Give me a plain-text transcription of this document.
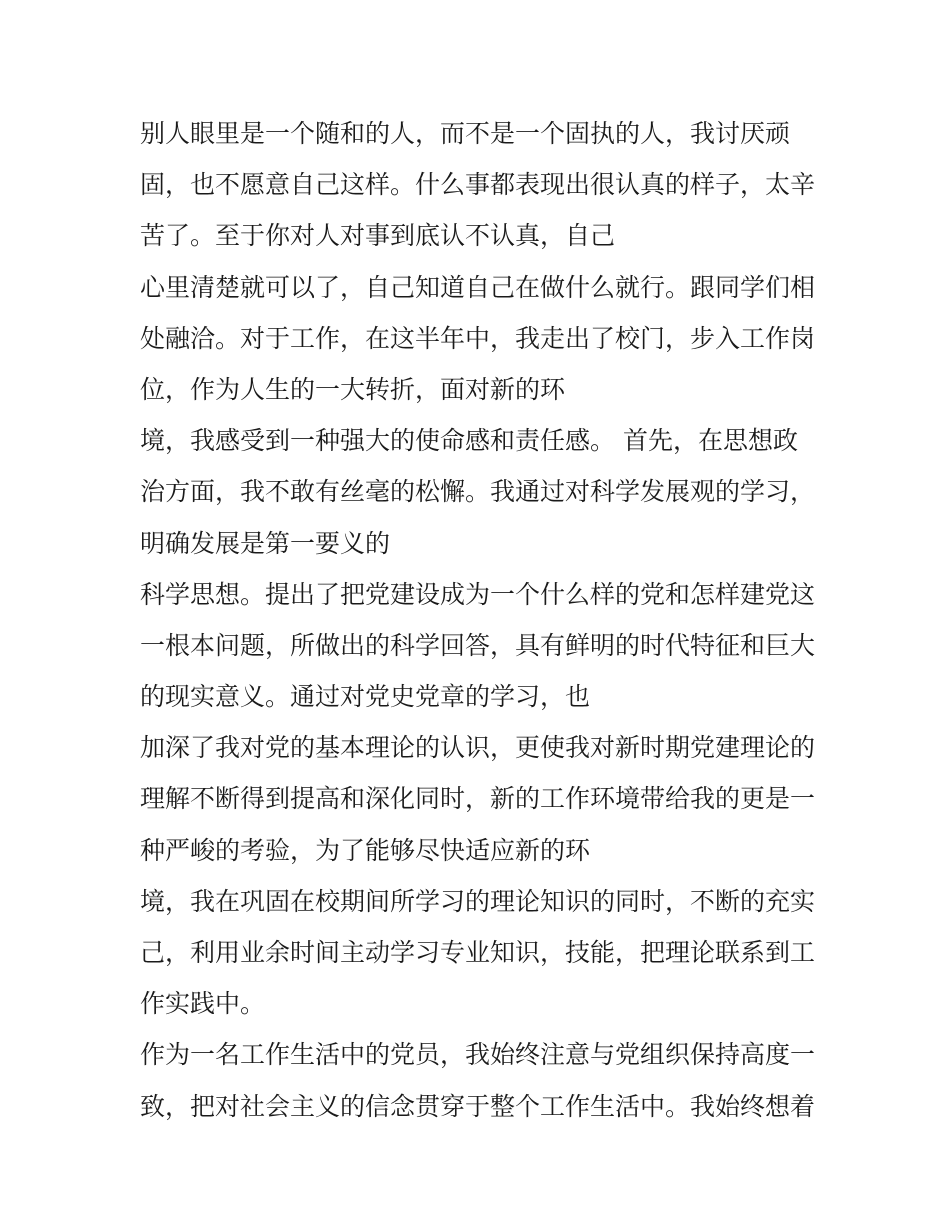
别人眼里是一个随和的人，而不是一个固执的人，我讨厌顽
固，也不愿意自己这样。什么事都表现出很认真的样子，太辛
苦了。至于你对人对事到底认不认真，自己
心里清楚就可以了，自己知道自己在做什么就行。跟同学们相
处融洽。对于工作，在这半年中，我走出了校门，步入工作岗
位，作为人生的一大转折，面对新的环
境，我感受到一种强大的使命感和责任感。 首先，在思想政
治方面，我不敢有丝毫的松懈。我通过对科学发展观的学习，
明确发展是第一要义的
科学思想。提出了把党建设成为一个什么样的党和怎样建党这
一根本问题，所做出的科学回答，具有鲜明的时代特征和巨大
的现实意义。通过对党史党章的学习，也
加深了我对党的基本理论的认识，更使我对新时期党建理论的
理解不断得到提高和深化同时，新的工作环境带给我的更是一
种严峻的考验，为了能够尽快适应新的环
境，我在巩固在校期间所学习的理论知识的同时，不断的充实
己，利用业余时间主动学习专业知识，技能，把理论联系到工
作实践中。
作为一名工作生活中的党员，我始终注意与党组织保持高度一
致，把对社会主义的信念贯穿于整个工作生活中。我始终想着
